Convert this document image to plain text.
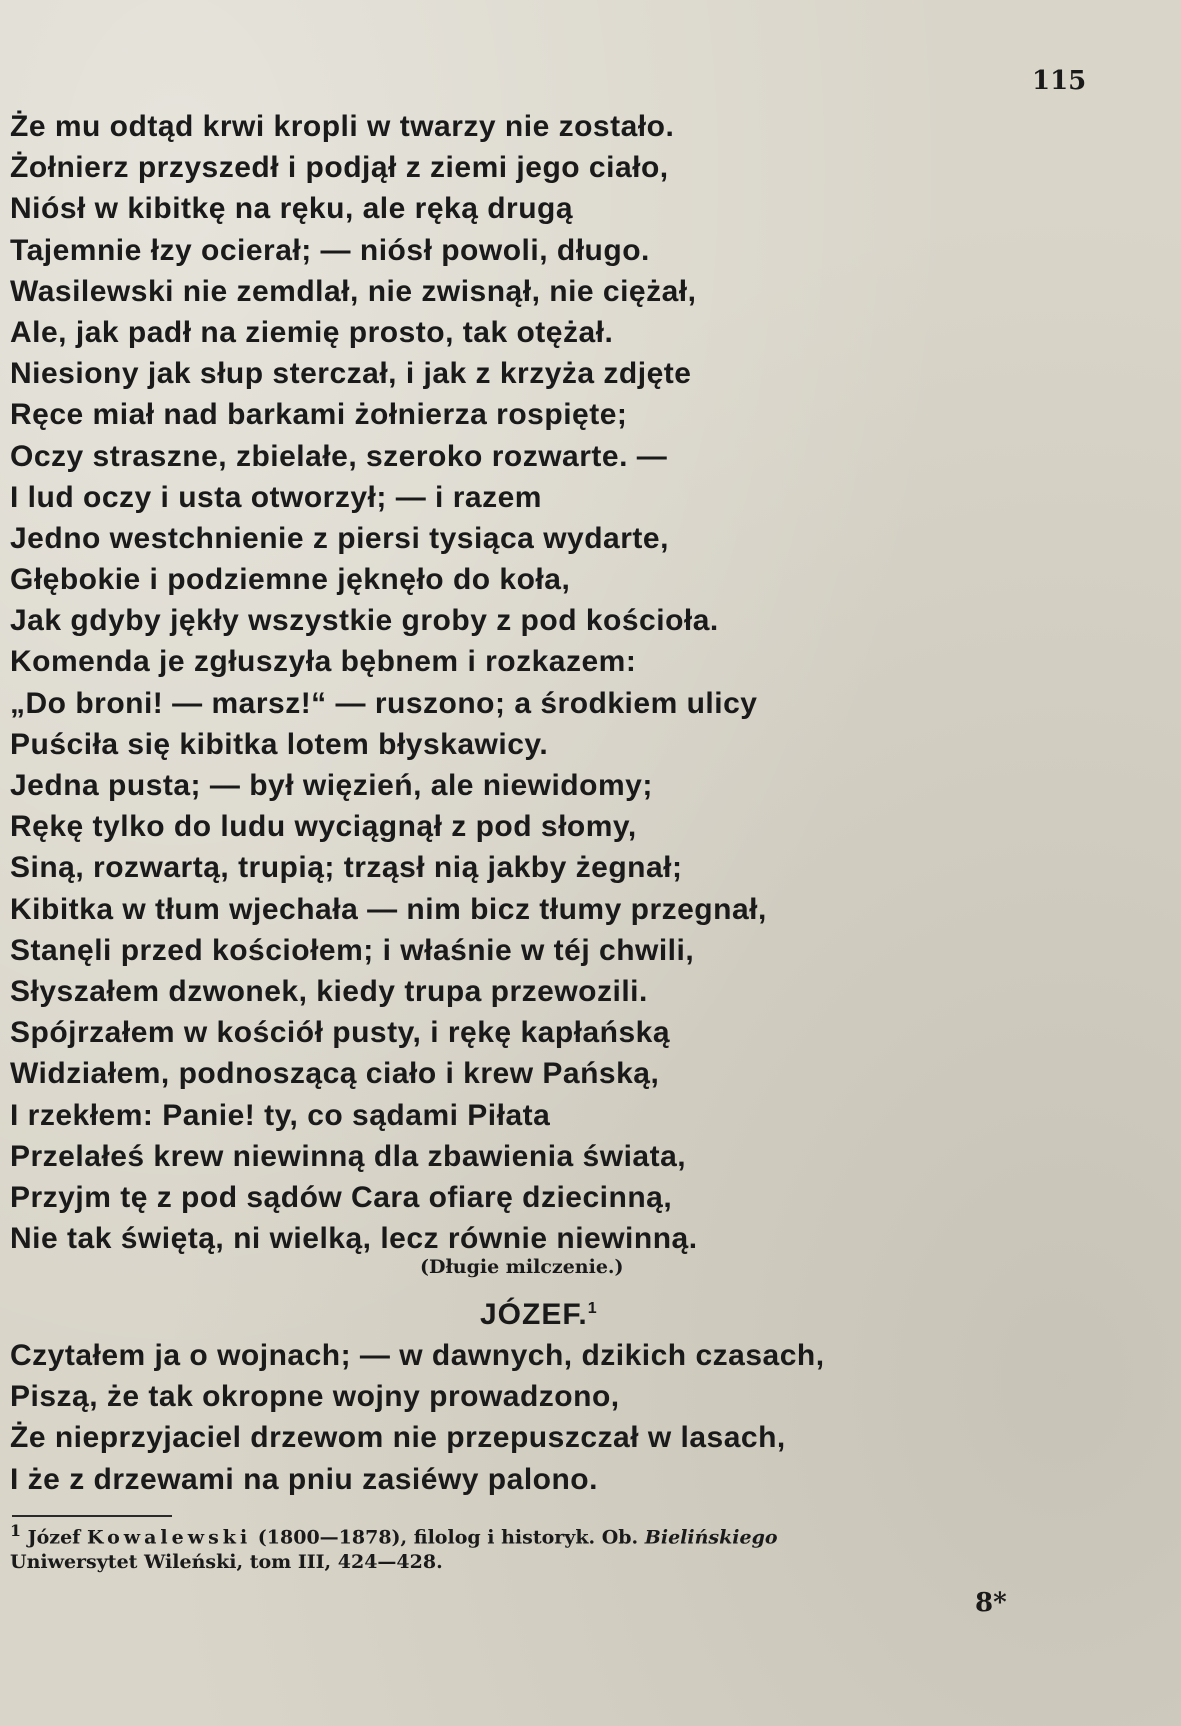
115
Że mu odtąd krwi kropli w twarzy nie zostało.
Żołnierz przyszedł i podjął z ziemi jego ciało,
Niósł w kibitkę na ręku, ale ręką drugą
Tajemnie łzy ocierał; — niósł powoli, długo.
Wasilewski nie zemdlał, nie zwisnął, nie ciężał,
Ale, jak padł na ziemię prosto, tak otężał.
Niesiony jak słup sterczał, i jak z krzyża zdjęte
Ręce miał nad barkami żołnierza rospięte;
Oczy straszne, zbielałe, szeroko rozwarte. —
I lud oczy i usta otworzył; — i razem
Jedno westchnienie z piersi tysiąca wydarte,
Głębokie i podziemne jęknęło do koła,
Jak gdyby jękły wszystkie groby z pod kościoła.
Komenda je zgłuszyła bębnem i rozkazem:
„Do broni! — marsz!“ — ruszono; a środkiem ulicy
Puściła się kibitka lotem błyskawicy.
Jedna pusta; — był więzień, ale niewidomy;
Rękę tylko do ludu wyciągnął z pod słomy,
Siną, rozwartą, trupią; trząsł nią jakby żegnał;
Kibitka w tłum wjechała — nim bicz tłumy przegnał,
Stanęli przed kościołem; i właśnie w téj chwili,
Słyszałem dzwonek, kiedy trupa przewozili.
Spójrzałem w kościół pusty, i rękę kapłańską
Widziałem, podnoszącą ciało i krew Pańską,
I rzekłem: Panie! ty, co sądami Piłata
Przelałeś krew niewinną dla zbawienia świata,
Przyjm tę z pod sądów Cara ofiarę dziecinną,
Nie tak świętą, ni wielką, lecz równie niewinną.
(Długie milczenie.)
JÓZEF.$^1$
Czytałem ja o wojnach; — w dawnych, dzikich czasach,
Piszą, że tak okropne wojny prowadzono,
Że nieprzyjaciel drzewom nie przepuszczał w lasach,
I że z drzewami na pniu zasiéwy palono.
$^1$ Józef Kowalewski (1800—1878), filolog i historyk. Ob. Bielińskiego
Uniwersytet Wileński, tom III, 424—428.
8*
